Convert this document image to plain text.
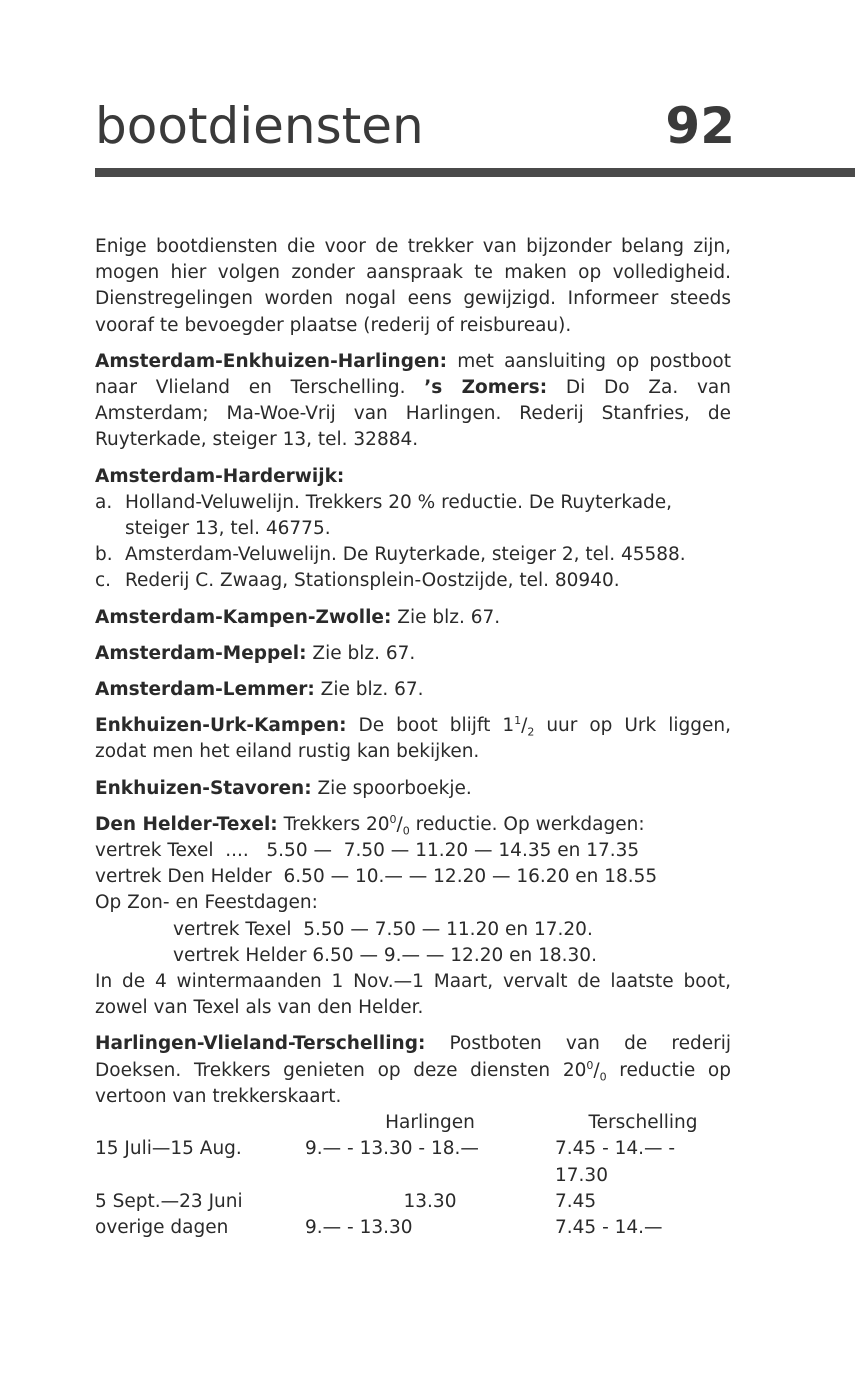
bootdiensten	92

Enige bootdiensten die voor de trekker van bijzonder belang zijn, mogen hier volgen zonder aanspraak te maken op volledigheid. Dienstregelingen worden nogal eens gewijzigd. Informeer steeds vooraf te bevoegder plaatse (rederij of reisbureau).

Amsterdam-Enkhuizen-Harlingen: met aansluiting op postboot naar Vlieland en Terschelling. ’s Zomers: Di Do Za. van Amsterdam; Ma-Woe-Vrij van Harlingen. Rederij Stanfries, de Ruyterkade, steiger 13, tel. 32884.

Amsterdam-Harderwijk:
a. Holland-Veluwelijn. Trekkers 20 % reductie. De Ruyterkade, steiger 13, tel. 46775.
b. Amsterdam-Veluwelijn. De Ruyterkade, steiger 2, tel. 45588.
c. Rederij C. Zwaag, Stationsplein-Oostzijde, tel. 80940.

Amsterdam-Kampen-Zwolle: Zie blz. 67.

Amsterdam-Meppel: Zie blz. 67.

Amsterdam-Lemmer: Zie blz. 67.

Enkhuizen-Urk-Kampen: De boot blijft $1^1/_2$ uur op Urk liggen, zodat men het eiland rustig kan bekijken.

Enkhuizen-Stavoren: Zie spoorboekje.

Den Helder-Texel: Trekkers $20^0/_0$ reductie. Op werkdagen:
vertrek Texel  ....   5.50 —  7.50 — 11.20 — 14.35 en 17.35
vertrek Den Helder  6.50 — 10.— — 12.20 — 16.20 en 18.55
Op Zon- en Feestdagen:
vertrek Texel  5.50 — 7.50 — 11.20 en 17.20.
vertrek Helder 6.50 — 9.— — 12.20 en 18.30.
In de 4 wintermaanden 1 Nov.—1 Maart, vervalt de laatste boot, zowel van Texel als van den Helder.
Harlingen-Vlieland-Terschelling: Postboten van de rederij Doeksen. Trekkers genieten op deze diensten $20^0/_0$ reductie op vertoon van trekkerskaart.
	Harlingen	Terschelling
15 Juli—15 Aug.	9.— - 13.30 - 18.—	7.45 - 14.— - 17.30
5 Sept.—23 Juni	13.30	7.45
overige dagen	9.— - 13.30	7.45 - 14.—
